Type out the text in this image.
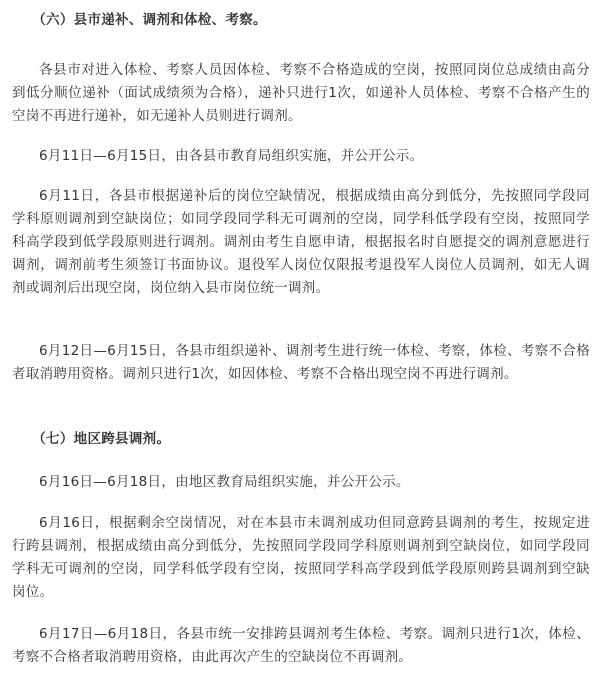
（六）县市递补、调剂和体检、考察。

各县市对进入体检、考察人员因体检、考察不合格造成的空岗，按照同岗位总成绩由高分到低分顺位递补（面试成绩须为合格），递补只进行1次，如递补人员体检、考察不合格产生的空岗不再进行递补，如无递补人员则进行调剂。

6月11日—6月15日，由各县市教育局组织实施，并公开公示。

6月11日，各县市根据递补后的岗位空缺情况，根据成绩由高分到低分，先按照同学段同学科原则调剂到空缺岗位；如同学段同学科无可调剂的空岗，同学科低学段有空岗，按照同学科高学段到低学段原则进行调剂。调剂由考生自愿申请，根据报名时自愿提交的调剂意愿进行调剂，调剂前考生须签订书面协议。退役军人岗位仅限报考退役军人岗位人员调剂，如无人调剂或调剂后出现空岗，岗位纳入县市岗位统一调剂。

6月12日—6月15日，各县市组织递补、调剂考生进行统一体检、考察，体检、考察不合格者取消聘用资格。调剂只进行1次，如因体检、考察不合格出现空岗不再进行调剂。

（七）地区跨县调剂。

6月16日—6月18日，由地区教育局组织实施，并公开公示。

6月16日，根据剩余空岗情况，对在本县市未调剂成功但同意跨县调剂的考生，按规定进行跨县调剂，根据成绩由高分到低分，先按照同学段同学科原则调剂到空缺岗位，如同学段同学科无可调剂的空岗，同学科低学段有空岗，按照同学科高学段到低学段原则跨县调剂到空缺岗位。

6月17日—6月18日，各县市统一安排跨县调剂考生体检、考察。调剂只进行1次，体检、考察不合格者取消聘用资格，由此再次产生的空缺岗位不再调剂。
